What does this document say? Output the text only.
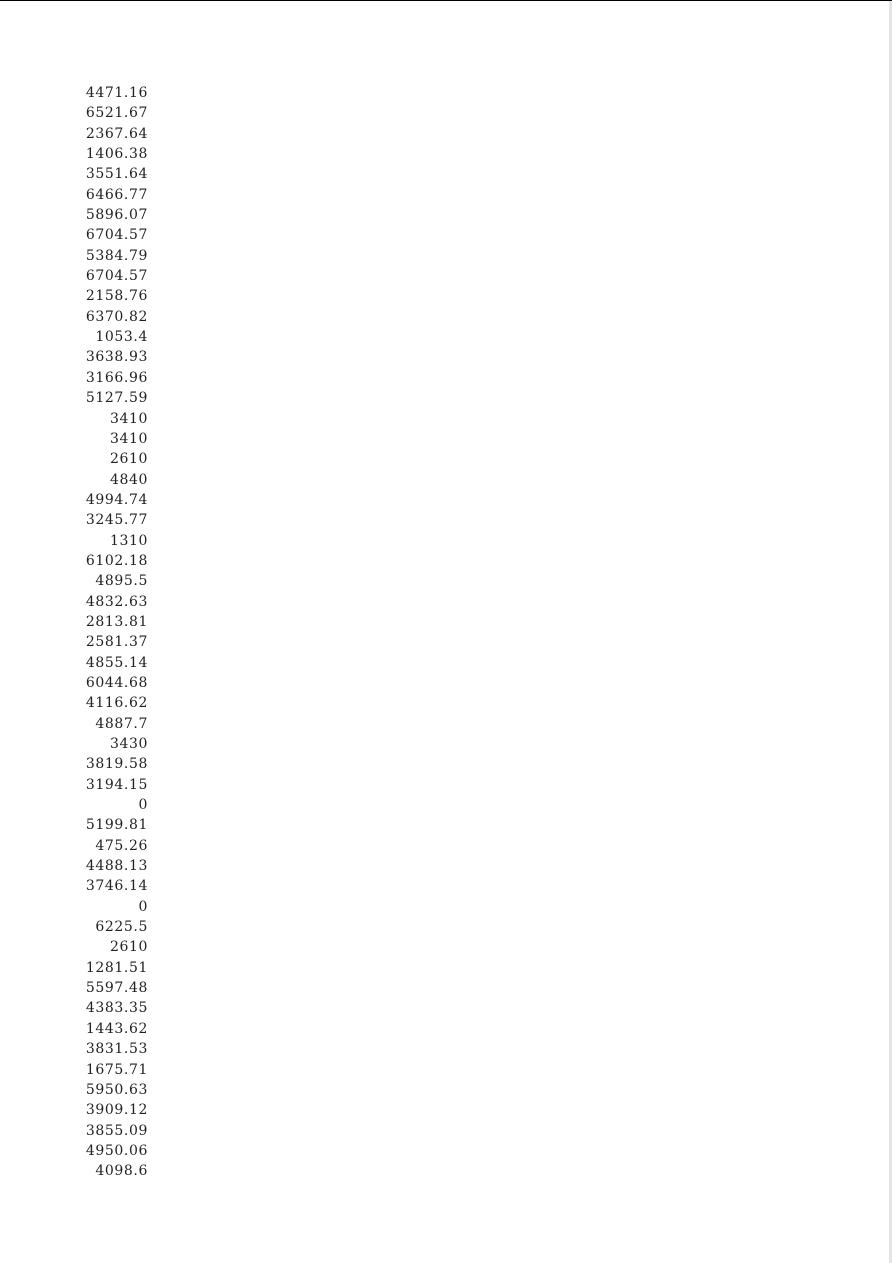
4471.16
6521.67
2367.64
1406.38
3551.64
6466.77
5896.07
6704.57
5384.79
6704.57
2158.76
6370.82
1053.4
3638.93
3166.96
5127.59
3410
3410
2610
4840
4994.74
3245.77
1310
6102.18
4895.5
4832.63
2813.81
2581.37
4855.14
6044.68
4116.62
4887.7
3430
3819.58
3194.15
0
5199.81
475.26
4488.13
3746.14
0
6225.5
2610
1281.51
5597.48
4383.35
1443.62
3831.53
1675.71
5950.63
3909.12
3855.09
4950.06
4098.6
